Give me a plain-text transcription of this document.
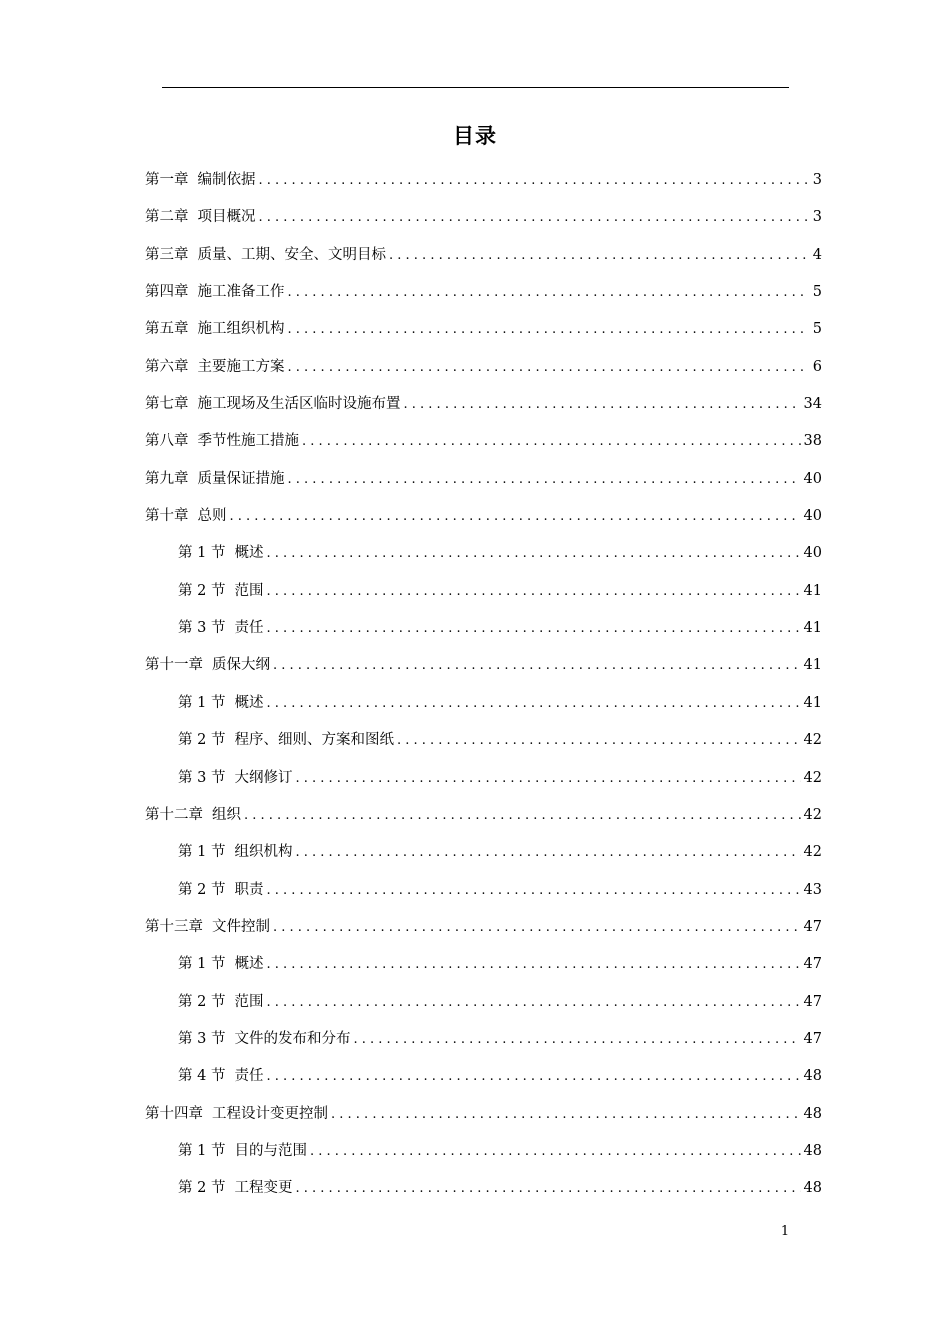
目录
第一章 编制依据 . . .	3
第二章 项目概况 . . .	3
第三章 质量、工期、安全、文明目标 . . .	4
第四章 施工准备工作 . . .	5
第五章 施工组织机构 . . .	5
第六章 主要施工方案 . . .	6
第七章 施工现场及生活区临时设施布置 . . .	34
第八章 季节性施工措施 . . .	38
第九章 质量保证措施 . . .	40
第十章 总则 . . .	40
第 1 节 概述 . . .	40
第 2 节 范围 . . .	41
第 3 节 责任 . . .	41
第十一章 质保大纲 . . .	41
第 1 节 概述 . . .	41
第 2 节 程序、细则、方案和图纸 . . .	42
第 3 节 大纲修订 . . .	42
第十二章 组织 . . .	42
第 1 节 组织机构 . . .	42
第 2 节 职责 . . .	43
第十三章 文件控制 . . .	47
第 1 节 概述 . . .	47
第 2 节 范围 . . .	47
第 3 节 文件的发布和分布 . . .	47
第 4 节 责任 . . .	48
第十四章 工程设计变更控制 . . .	48
第 1 节 目的与范围 . . .	48
第 2 节 工程变更 . . .	48
1
